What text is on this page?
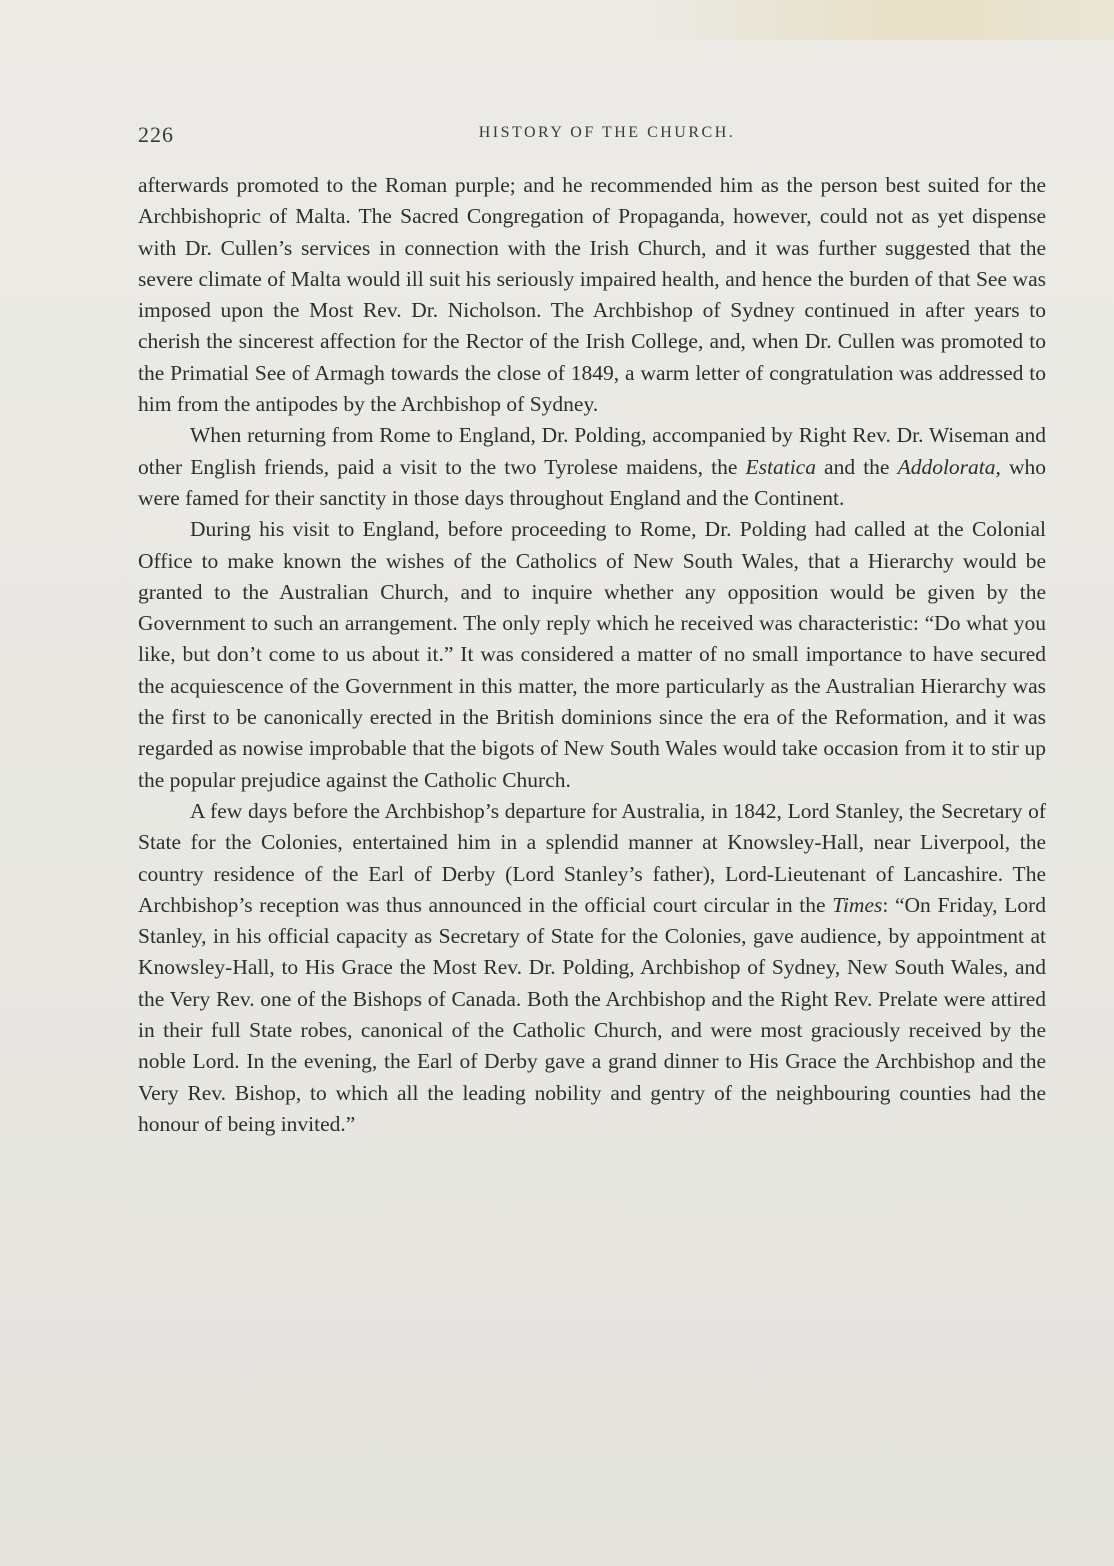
226	HISTORY OF THE CHURCH.

afterwards promoted to the Roman purple; and he recommended him as the person best suited for the Archbishopric of Malta. The Sacred Congregation of Propaganda, however, could not as yet dispense with Dr. Cullen’s services in connection with the Irish Church, and it was further suggested that the severe climate of Malta would ill suit his seriously impaired health, and hence the burden of that See was imposed upon the Most Rev. Dr. Nicholson. The Archbishop of Sydney continued in after years to cherish the sincerest affection for the Rector of the Irish College, and, when Dr. Cullen was promoted to the Primatial See of Armagh towards the close of 1849, a warm letter of congratulation was addressed to him from the antipodes by the Archbishop of Sydney.

When returning from Rome to England, Dr. Polding, accompanied by Right Rev. Dr. Wiseman and other English friends, paid a visit to the two Tyrolese maidens, the Estatica and the Addolorata, who were famed for their sanctity in those days throughout England and the Continent.

During his visit to England, before proceeding to Rome, Dr. Polding had called at the Colonial Office to make known the wishes of the Catholics of New South Wales, that a Hierarchy would be granted to the Australian Church, and to inquire whether any opposition would be given by the Government to such an arrangement. The only reply which he received was characteristic: “Do what you like, but don’t come to us about it.” It was considered a matter of no small importance to have secured the acquiescence of the Government in this matter, the more particularly as the Australian Hierarchy was the first to be canonically erected in the British dominions since the era of the Reformation, and it was regarded as nowise improbable that the bigots of New South Wales would take occasion from it to stir up the popular prejudice against the Catholic Church.

A few days before the Archbishop’s departure for Australia, in 1842, Lord Stanley, the Secretary of State for the Colonies, entertained him in a splendid manner at Knowsley-Hall, near Liverpool, the country residence of the Earl of Derby (Lord Stanley’s father), Lord-Lieutenant of Lancashire. The Archbishop’s reception was thus announced in the official court circular in the Times: “On Friday, Lord Stanley, in his official capacity as Secretary of State for the Colonies, gave audience, by appointment at Knowsley-Hall, to His Grace the Most Rev. Dr. Polding, Archbishop of Sydney, New South Wales, and the Very Rev. one of the Bishops of Canada. Both the Archbishop and the Right Rev. Prelate were attired in their full State robes, canonical of the Catholic Church, and were most graciously received by the noble Lord. In the evening, the Earl of Derby gave a grand dinner to His Grace the Archbishop and the Very Rev. Bishop, to which all the leading nobility and gentry of the neighbouring counties had the honour of being invited.”
